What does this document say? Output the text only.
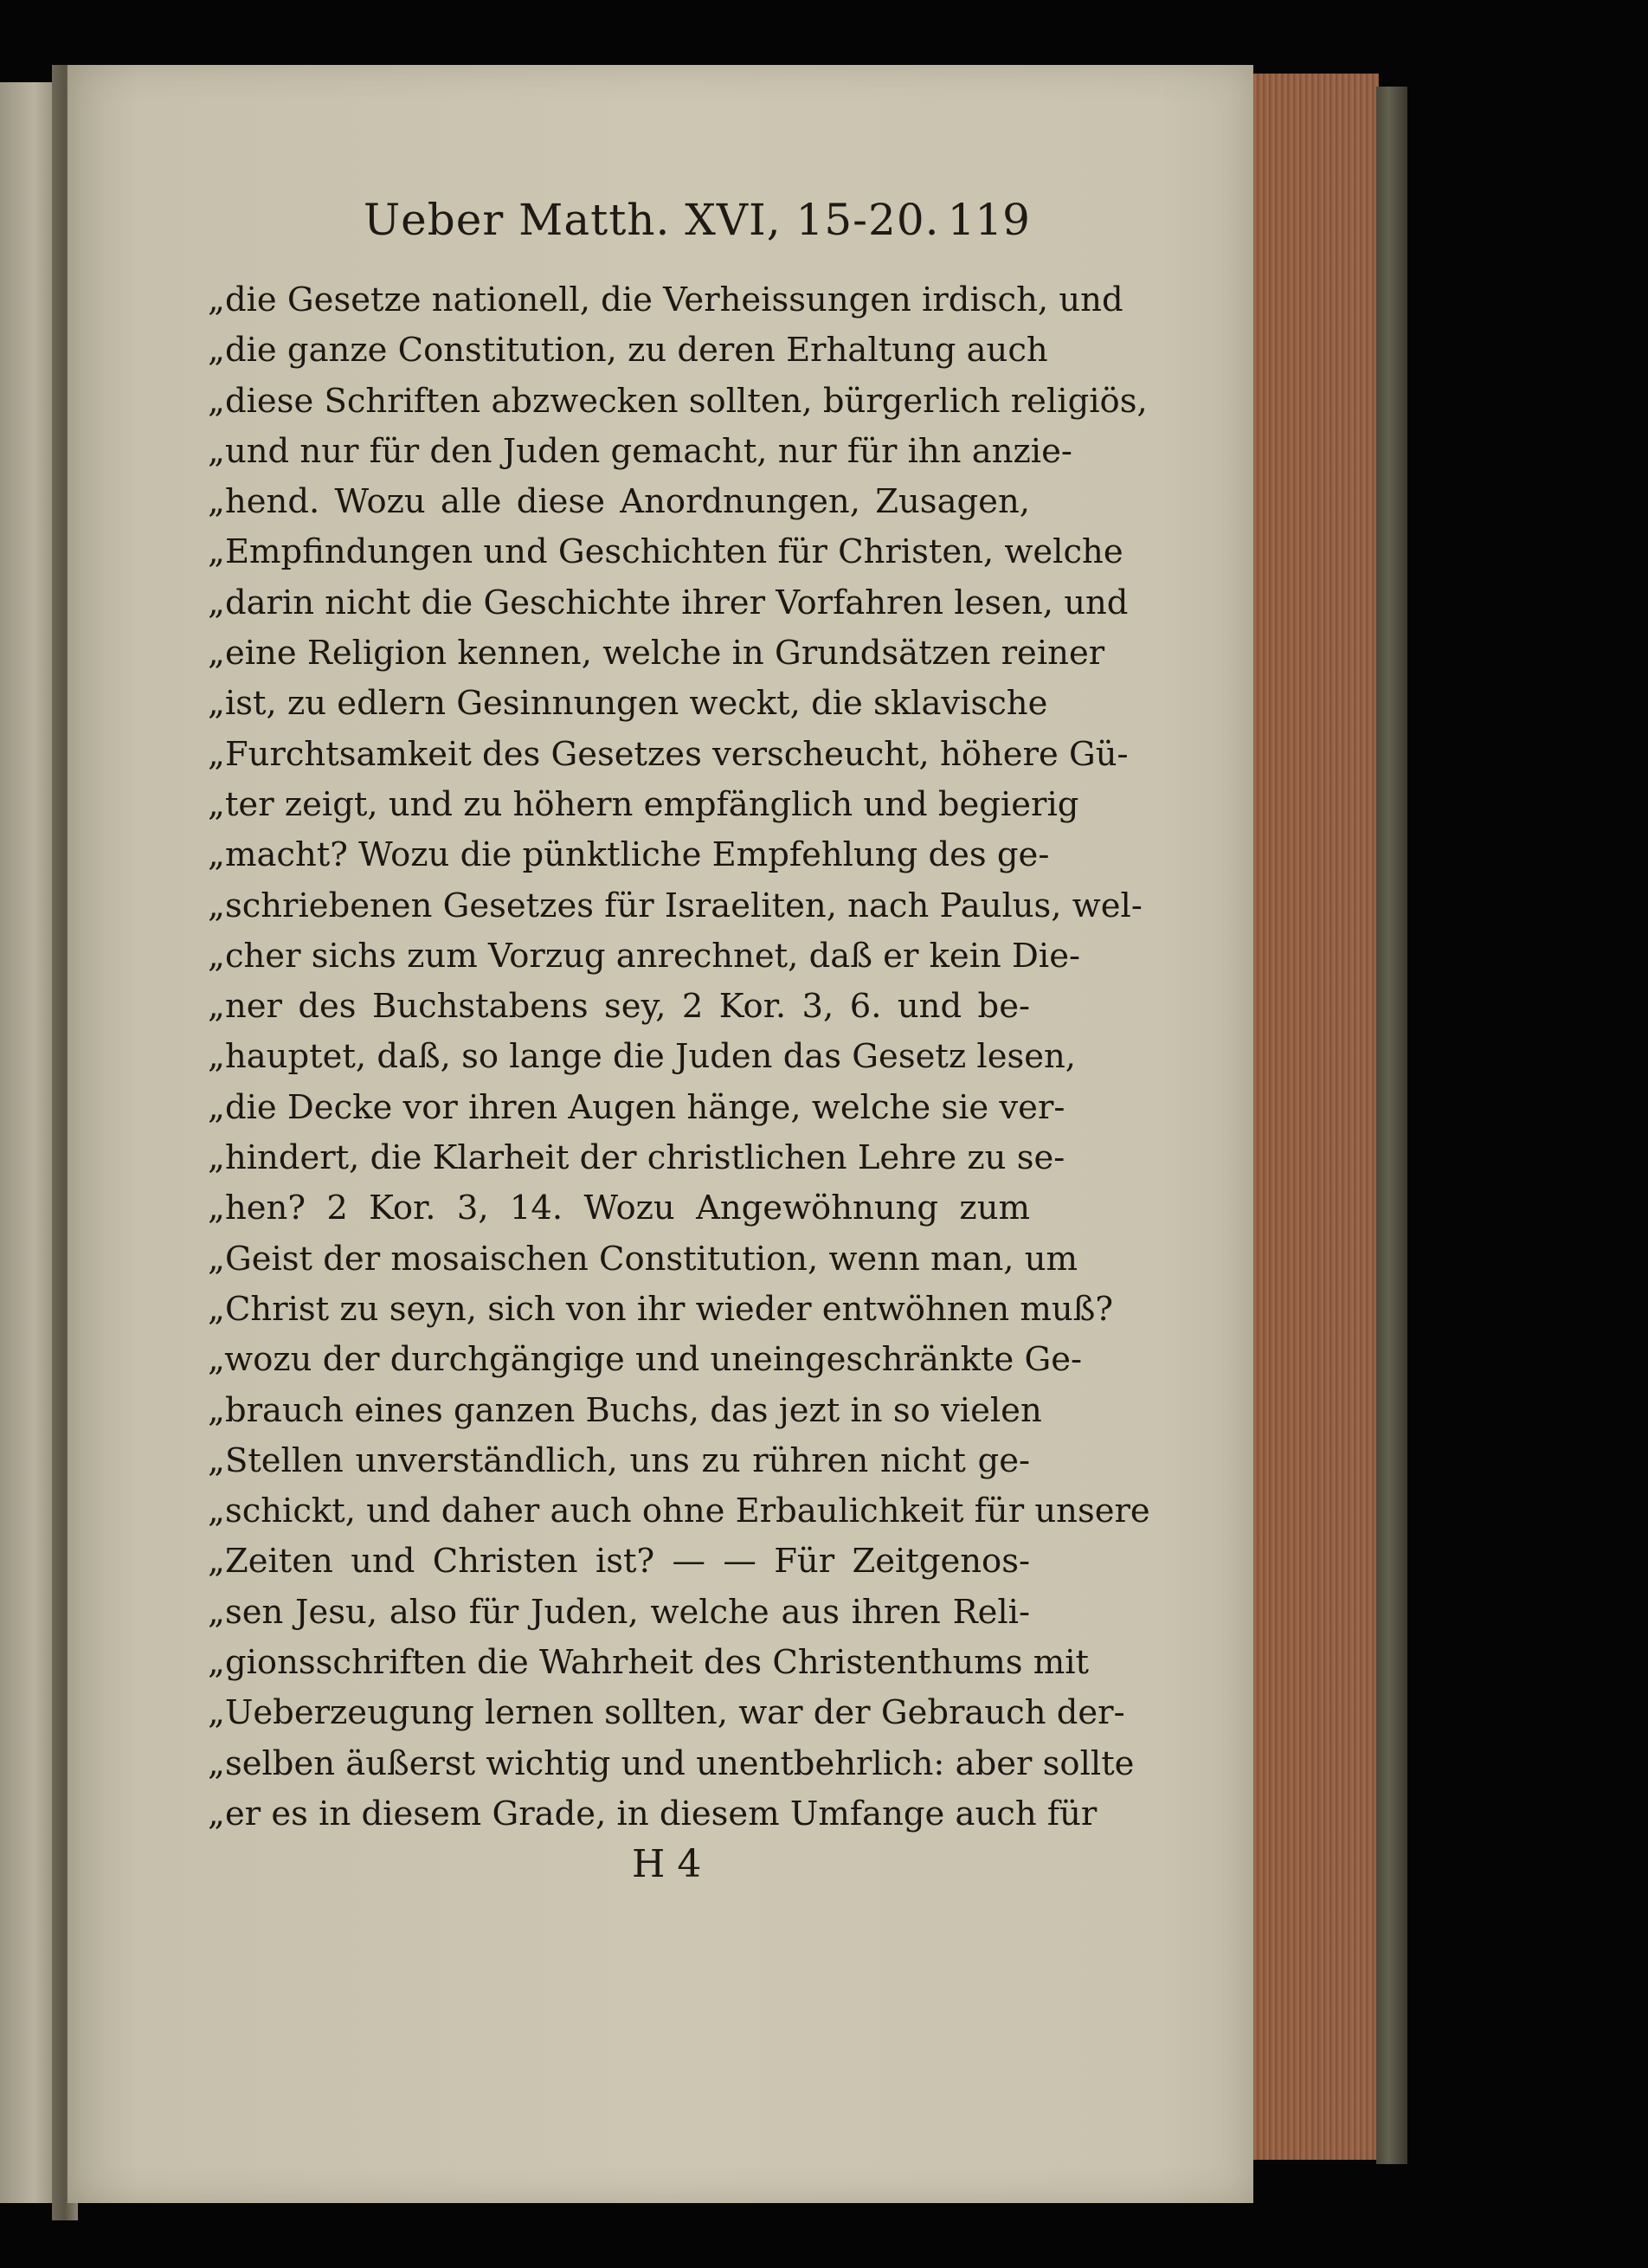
Ueber Matth. XVI, 15-20. 119
„die Gesetze nationell, die Verheissungen irdisch, und
„die ganze Constitution, zu deren Erhaltung auch
„diese Schriften abzwecken sollten, bürgerlich religiös,
„und nur für den Juden gemacht, nur für ihn anzie-
„hend. Wozu alle diese Anordnungen, Zusagen,
„Empfindungen und Geschichten für Christen, welche
„darin nicht die Geschichte ihrer Vorfahren lesen, und
„eine Religion kennen, welche in Grundsätzen reiner
„ist, zu edlern Gesinnungen weckt, die sklavische
„Furchtsamkeit des Gesetzes verscheucht, höhere Gü-
„ter zeigt, und zu höhern empfänglich und begierig
„macht? Wozu die pünktliche Empfehlung des ge-
„schriebenen Gesetzes für Israeliten, nach Paulus, wel-
„cher sichs zum Vorzug anrechnet, daß er kein Die-
„ner des Buchstabens sey, 2 Kor. 3, 6. und be-
„hauptet, daß, so lange die Juden das Gesetz lesen,
„die Decke vor ihren Augen hänge, welche sie ver-
„hindert, die Klarheit der christlichen Lehre zu se-
„hen? 2 Kor. 3, 14. Wozu Angewöhnung zum
„Geist der mosaischen Constitution, wenn man, um
„Christ zu seyn, sich von ihr wieder entwöhnen muß?
„wozu der durchgängige und uneingeschränkte Ge-
„brauch eines ganzen Buchs, das jezt in so vielen
„Stellen unverständlich, uns zu rühren nicht ge-
„schickt, und daher auch ohne Erbaulichkeit für unsere
„Zeiten und Christen ist? — — Für Zeitgenos-
„sen Jesu, also für Juden, welche aus ihren Reli-
„gionsschriften die Wahrheit des Christenthums mit
„Ueberzeugung lernen sollten, war der Gebrauch der-
„selben äußerst wichtig und unentbehrlich: aber sollte
„er es in diesem Grade, in diesem Umfange auch für
H 4
